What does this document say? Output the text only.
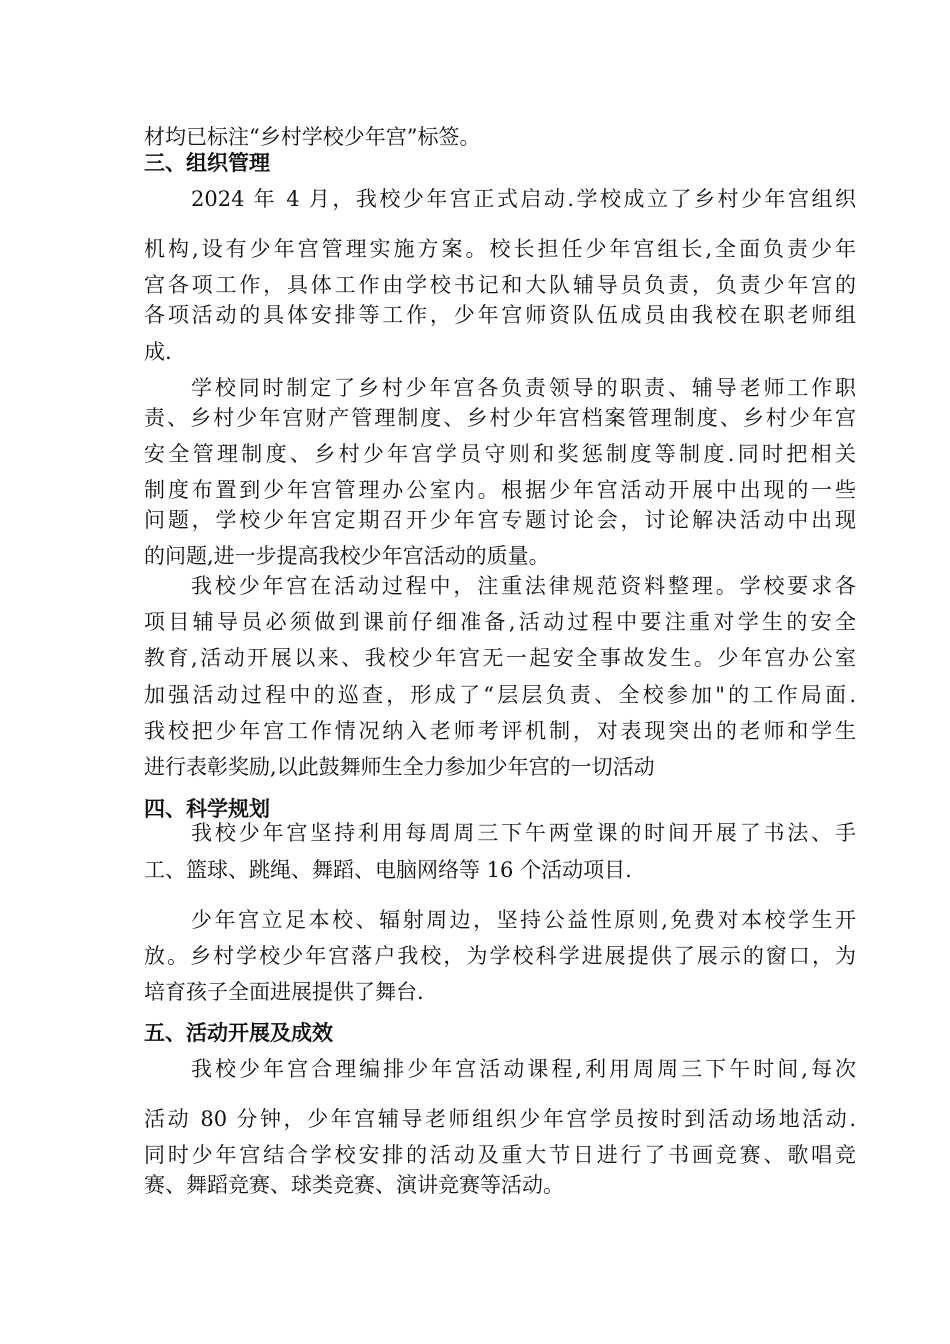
材均已标注“乡村学校少年宫”标签。
三、组织管理
2024 年 4 月，我校少年宫正式启动.学校成立了乡村少年宫组织
机构,设有少年宫管理实施方案。校长担任少年宫组长,全面负责少年
宫各项工作，具体工作由学校书记和大队辅导员负责，负责少年宫的
各项活动的具体安排等工作，少年宫师资队伍成员由我校在职老师组
成.
学校同时制定了乡村少年宫各负责领导的职责、辅导老师工作职
责、乡村少年宫财产管理制度、乡村少年宫档案管理制度、乡村少年宫
安全管理制度、乡村少年宫学员守则和奖惩制度等制度.同时把相关
制度布置到少年宫管理办公室内。根据少年宫活动开展中出现的一些
问题，学校少年宫定期召开少年宫专题讨论会，讨论解决活动中出现
的问题,进一步提高我校少年宫活动的质量。
我校少年宫在活动过程中，注重法律规范资料整理。学校要求各
项目辅导员必须做到课前仔细准备,活动过程中要注重对学生的安全
教育,活动开展以来、我校少年宫无一起安全事故发生。少年宫办公室
加强活动过程中的巡查，形成了“层层负责、全校参加"的工作局面.
我校把少年宫工作情况纳入老师考评机制，对表现突出的老师和学生
进行表彰奖励,以此鼓舞师生全力参加少年宫的一切活动
四、科学规划
我校少年宫坚持利用每周周三下午两堂课的时间开展了书法、手
工、篮球、跳绳、舞蹈、电脑网络等 16 个活动项目.
少年宫立足本校、辐射周边，坚持公益性原则,免费对本校学生开
放。乡村学校少年宫落户我校，为学校科学进展提供了展示的窗口，为
培育孩子全面进展提供了舞台.
五、活动开展及成效
我校少年宫合理编排少年宫活动课程,利用周周三下午时间,每次
活动 80 分钟，少年宫辅导老师组织少年宫学员按时到活动场地活动.
同时少年宫结合学校安排的活动及重大节日进行了书画竞赛、歌唱竞
赛、舞蹈竞赛、球类竞赛、演讲竞赛等活动。
